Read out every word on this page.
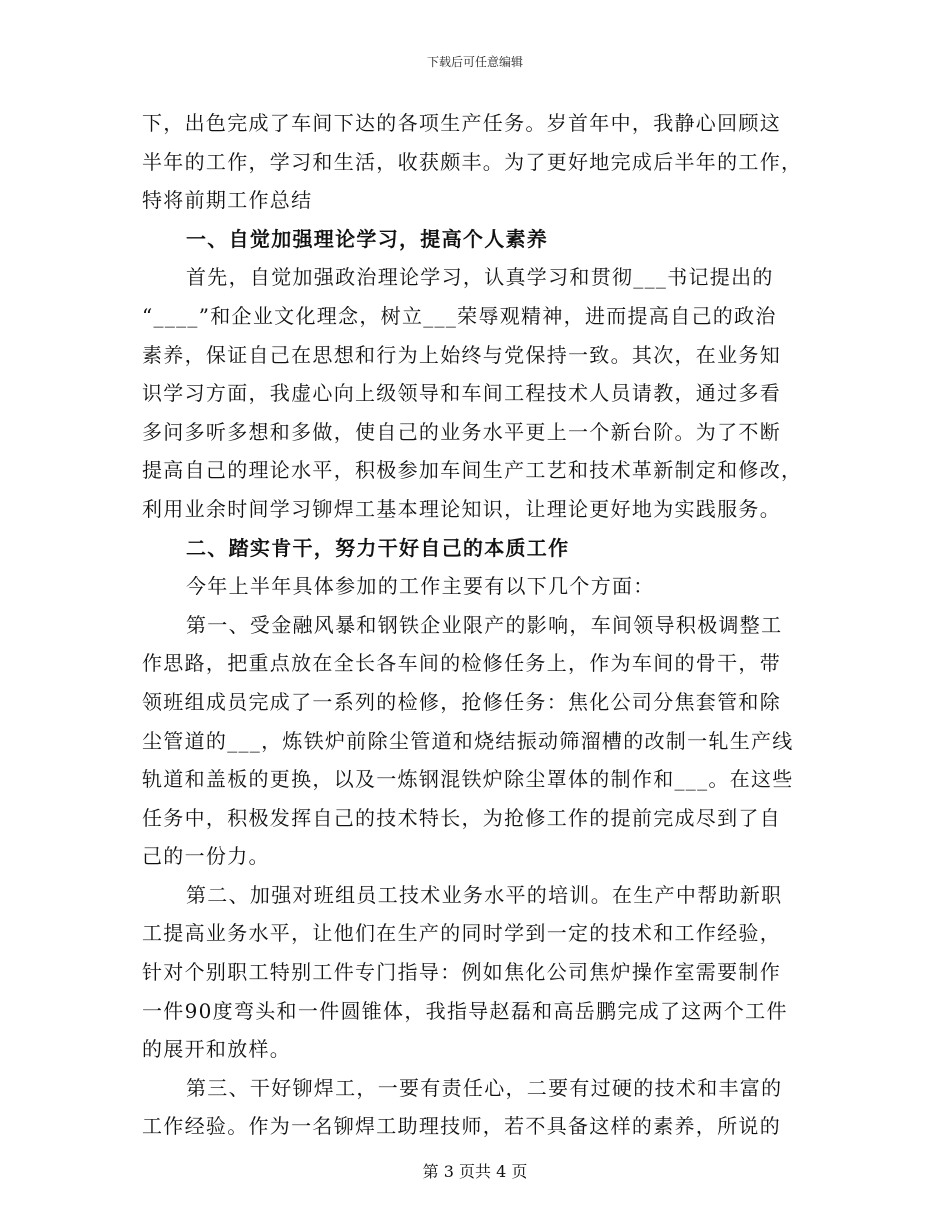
下载后可任意编辑
下，出色完成了车间下达的各项生产任务。岁首年中，我静心回顾这
半年的工作，学习和生活，收获颇丰。为了更好地完成后半年的工作，
特将前期工作总结
一、自觉加强理论学习，提高个人素养
首先，自觉加强政治理论学习，认真学习和贯彻___书记提出的
“____”和企业文化理念，树立___荣辱观精神，进而提高自己的政治
素养，保证自己在思想和行为上始终与党保持一致。其次，在业务知
识学习方面，我虚心向上级领导和车间工程技术人员请教，通过多看
多问多听多想和多做，使自己的业务水平更上一个新台阶。为了不断
提高自己的理论水平，积极参加车间生产工艺和技术革新制定和修改，
利用业余时间学习铆焊工基本理论知识，让理论更好地为实践服务。
二、踏实肯干，努力干好自己的本质工作
今年上半年具体参加的工作主要有以下几个方面：
第一、受金融风暴和钢铁企业限产的影响，车间领导积极调整工
作思路，把重点放在全长各车间的检修任务上，作为车间的骨干，带
领班组成员完成了一系列的检修，抢修任务：焦化公司分焦套管和除
尘管道的___，炼铁炉前除尘管道和烧结振动筛溜槽的改制一轧生产线
轨道和盖板的更换，以及一炼钢混铁炉除尘罩体的制作和___。在这些
任务中，积极发挥自己的技术特长，为抢修工作的提前完成尽到了自
己的一份力。
第二、加强对班组员工技术业务水平的培训。在生产中帮助新职
工提高业务水平，让他们在生产的同时学到一定的技术和工作经验，
针对个别职工特别工件专门指导：例如焦化公司焦炉操作室需要制作
一件90度弯头和一件圆锥体，我指导赵磊和高岳鹏完成了这两个工件
的展开和放样。
第三、干好铆焊工，一要有责任心，二要有过硬的技术和丰富的
工作经验。作为一名铆焊工助理技师，若不具备这样的素养，所说的
第 3 页共 4 页
